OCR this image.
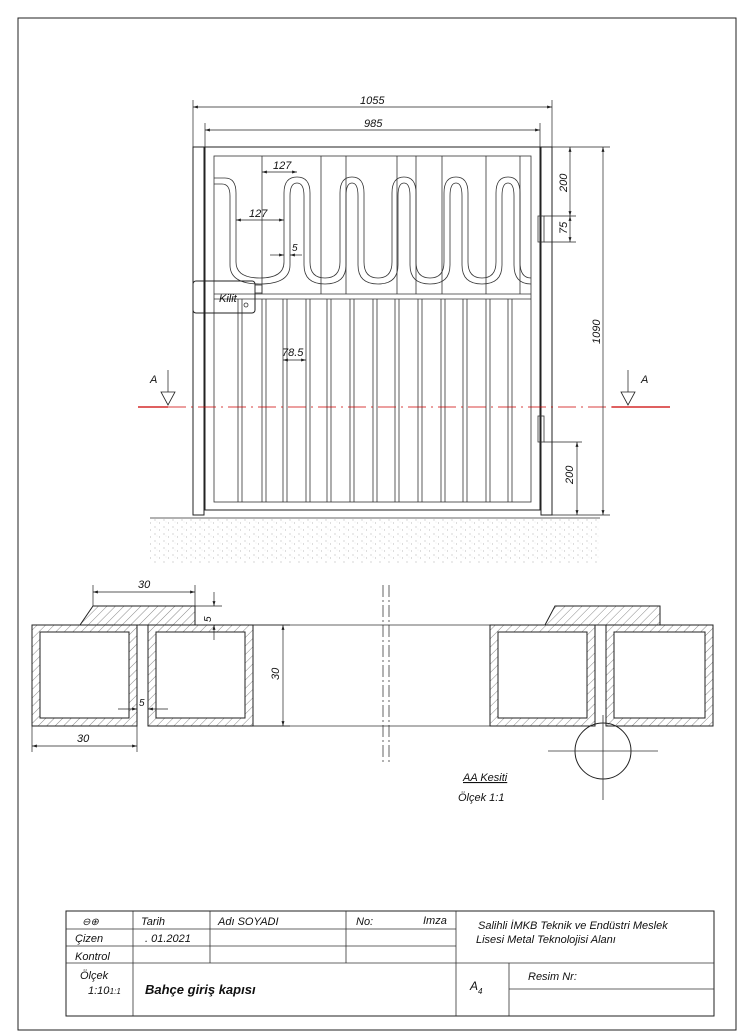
Kilit
A	A
1055
985
127
127
5
78.5
1090
200
75
200
30
5
30
5
30
AA Kesiti
Ölçek 1:1
⊖⊕	Tarih	Adı SOYADI	No:	Imza
Çizen	. 01.2021
Kontrol
Salihli İMKB Teknik ve Endüstri Meslek
Lisesi Metal Teknolojisi Alanı
Ölçek
1:10
-1:1 Bahçe giriş kapısı	A 4
Resim Nr:
